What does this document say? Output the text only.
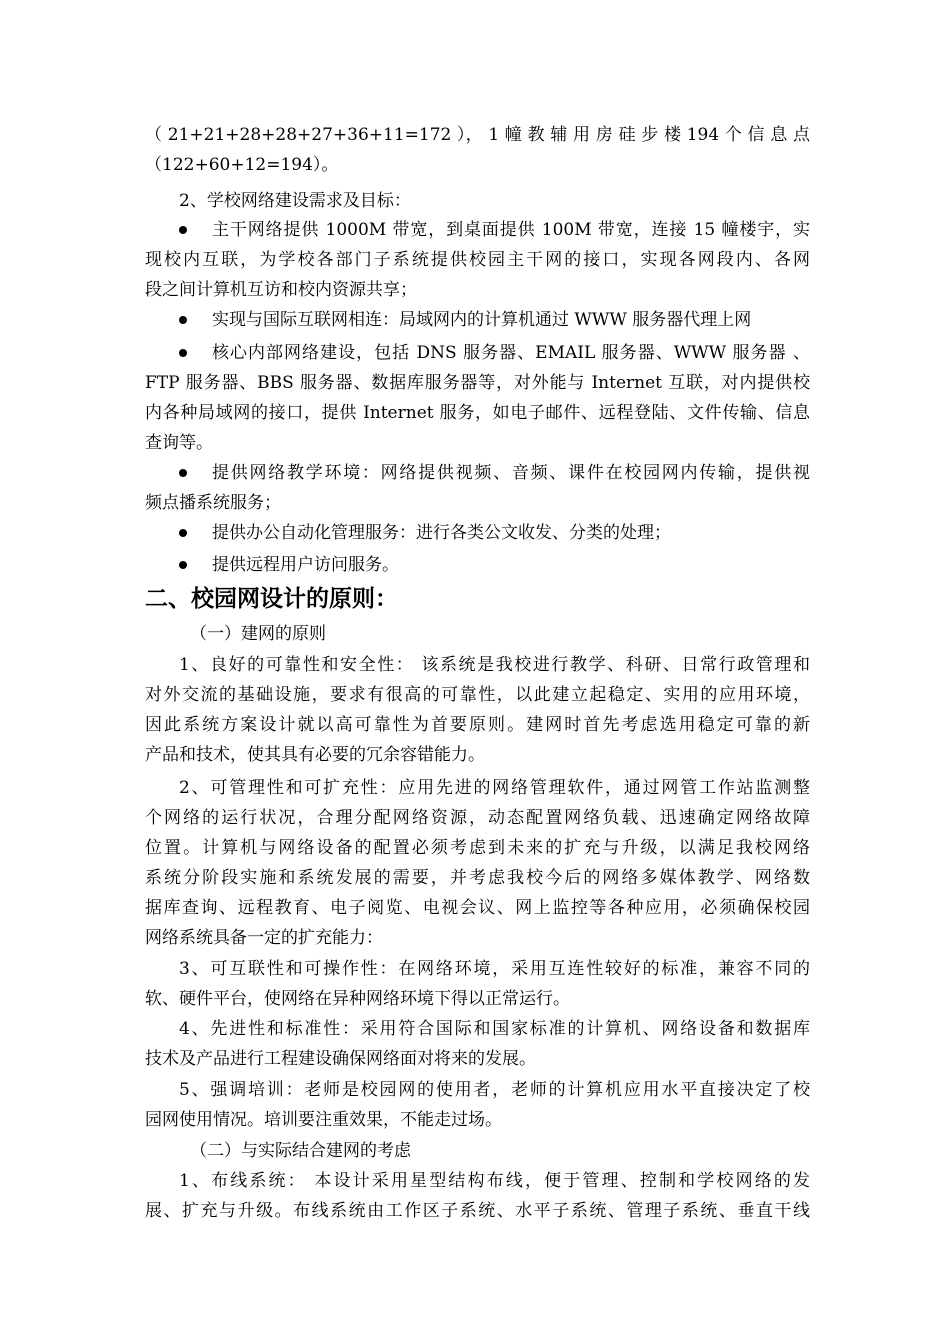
（ 21+21+28+28+27+36+11=172 ）， 1 幢 教 辅 用 房 硅 步 楼 194 个 信 息 点
（122+60+12=194）。
2、学校网络建设需求及目标：
主干网络提供 1000M 带宽，到桌面提供 100M 带宽，连接 15 幢楼宇，实
现校内互联，为学校各部门子系统提供校园主干网的接口，实现各网段内、各网
段之间计算机互访和校内资源共享；
实现与国际互联网相连：局域网内的计算机通过 WWW 服务器代理上网
核心内部网络建设，包括 DNS 服务器、EMAIL 服务器、WWW 服务器 、
FTP 服务器、BBS 服务器、数据库服务器等，对外能与 Internet 互联，对内提供校
内各种局域网的接口，提供 Internet 服务，如电子邮件、远程登陆、文件传输、信息
查询等。
提供网络教学环境：网络提供视频、音频、课件在校园网内传输，提供视
频点播系统服务；
提供办公自动化管理服务：进行各类公文收发、分类的处理；
提供远程用户访问服务。
二、校园网设计的原则：
（一）建网的原则
1、良好的可靠性和安全性： 该系统是我校进行教学、科研、日常行政管理和
对外交流的基础设施，要求有很高的可靠性，以此建立起稳定、实用的应用环境，
因此系统方案设计就以高可靠性为首要原则。建网时首先考虑选用稳定可靠的新
产品和技术，使其具有必要的冗余容错能力。
2、可管理性和可扩充性：应用先进的网络管理软件，通过网管工作站监测整
个网络的运行状况，合理分配网络资源，动态配置网络负载、迅速确定网络故障
位置。计算机与网络设备的配置必须考虑到未来的扩充与升级，以满足我校网络
系统分阶段实施和系统发展的需要，并考虑我校今后的网络多媒体教学、网络数
据库查询、远程教育、电子阅览、电视会议、网上监控等各种应用，必须确保校园
网络系统具备一定的扩充能力：
3、可互联性和可操作性：在网络环境，采用互连性较好的标准，兼容不同的
软、硬件平台，使网络在异种网络环境下得以正常运行。
4、先进性和标准性：采用符合国际和国家标准的计算机、网络设备和数据库
技术及产品进行工程建设确保网络面对将来的发展。
5、强调培训：老师是校园网的使用者，老师的计算机应用水平直接决定了校
园网使用情况。培训要注重效果，不能走过场。
（二）与实际结合建网的考虑
1、布线系统： 本设计采用星型结构布线，便于管理、控制和学校网络的发
展、扩充与升级。布线系统由工作区子系统、水平子系统、管理子系统、垂直干线
